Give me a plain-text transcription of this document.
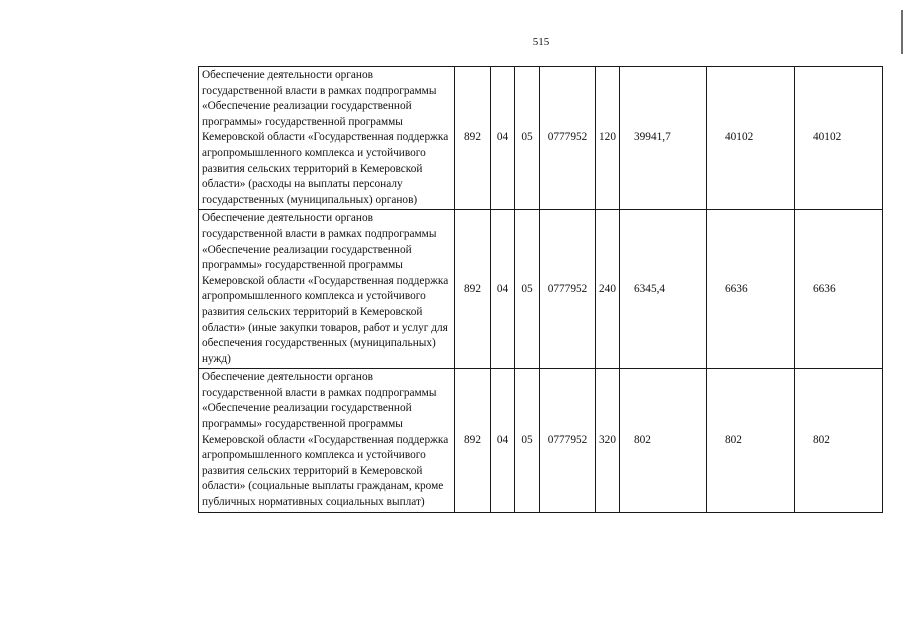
515
Обеспечение деятельности органов государственной власти в рамках подпрограммы «Обеспечение реализации государственной программы» государственной программы Кемеровской области «Государственная поддержка агропромышленного комплекса и устойчивого развития сельских территорий в Кемеровской области» (расходы на выплаты персоналу государственных (муниципальных) органов)	892	04	05	0777952	120	39941,7	40102	40102
Обеспечение деятельности органов государственной власти в рамках подпрограммы «Обеспечение реализации государственной программы» государственной программы Кемеровской области «Государственная поддержка агропромышленного комплекса и устойчивого развития сельских территорий в Кемеровской области» (иные закупки товаров, работ и услуг для обеспечения государственных (муниципальных) нужд)	892	04	05	0777952	240	6345,4	6636	6636
Обеспечение деятельности органов государственной власти в рамках подпрограммы «Обеспечение реализации государственной программы» государственной программы Кемеровской области «Государственная поддержка агропромышленного комплекса и устойчивого развития сельских территорий в Кемеровской области» (социальные выплаты гражданам, кроме публичных нормативных социальных выплат)	892	04	05	0777952	320	802	802	802
